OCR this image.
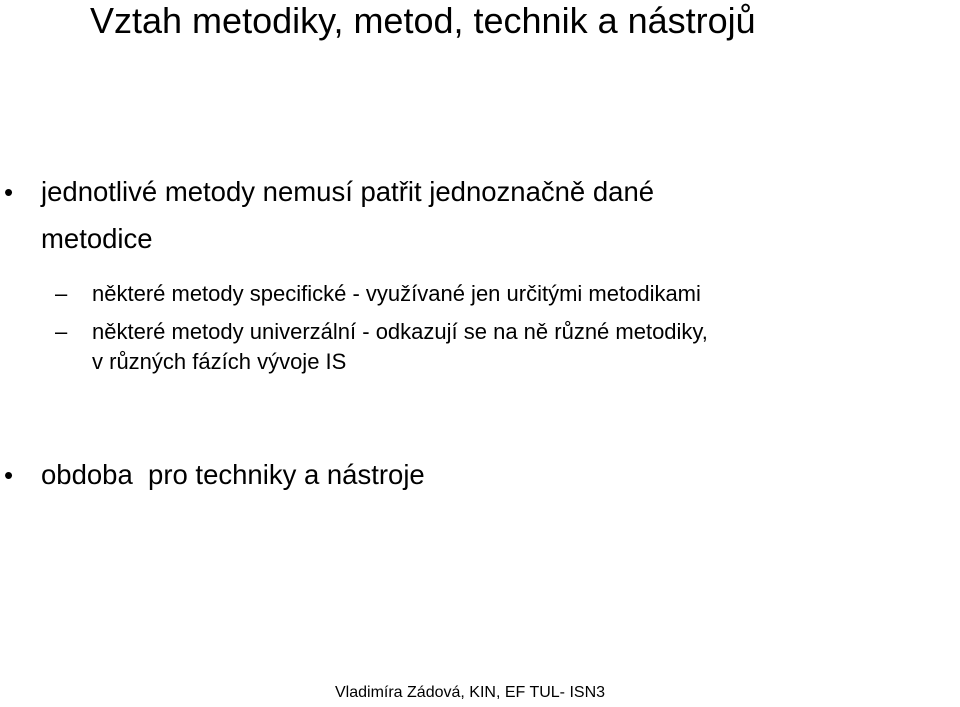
Vztah metodiky, metod, technik a nástrojů
• jednotlivé metody nemusí patřit jednoznačně dané
metodice
– některé metody specifické - využívané jen určitými metodikami
– některé metody univerzální - odkazují se na ně různé metodiky,
v různých fázích vývoje IS
• obdoba  pro techniky a nástroje
Vladimíra Zádová, KIN, EF TUL- ISN3
